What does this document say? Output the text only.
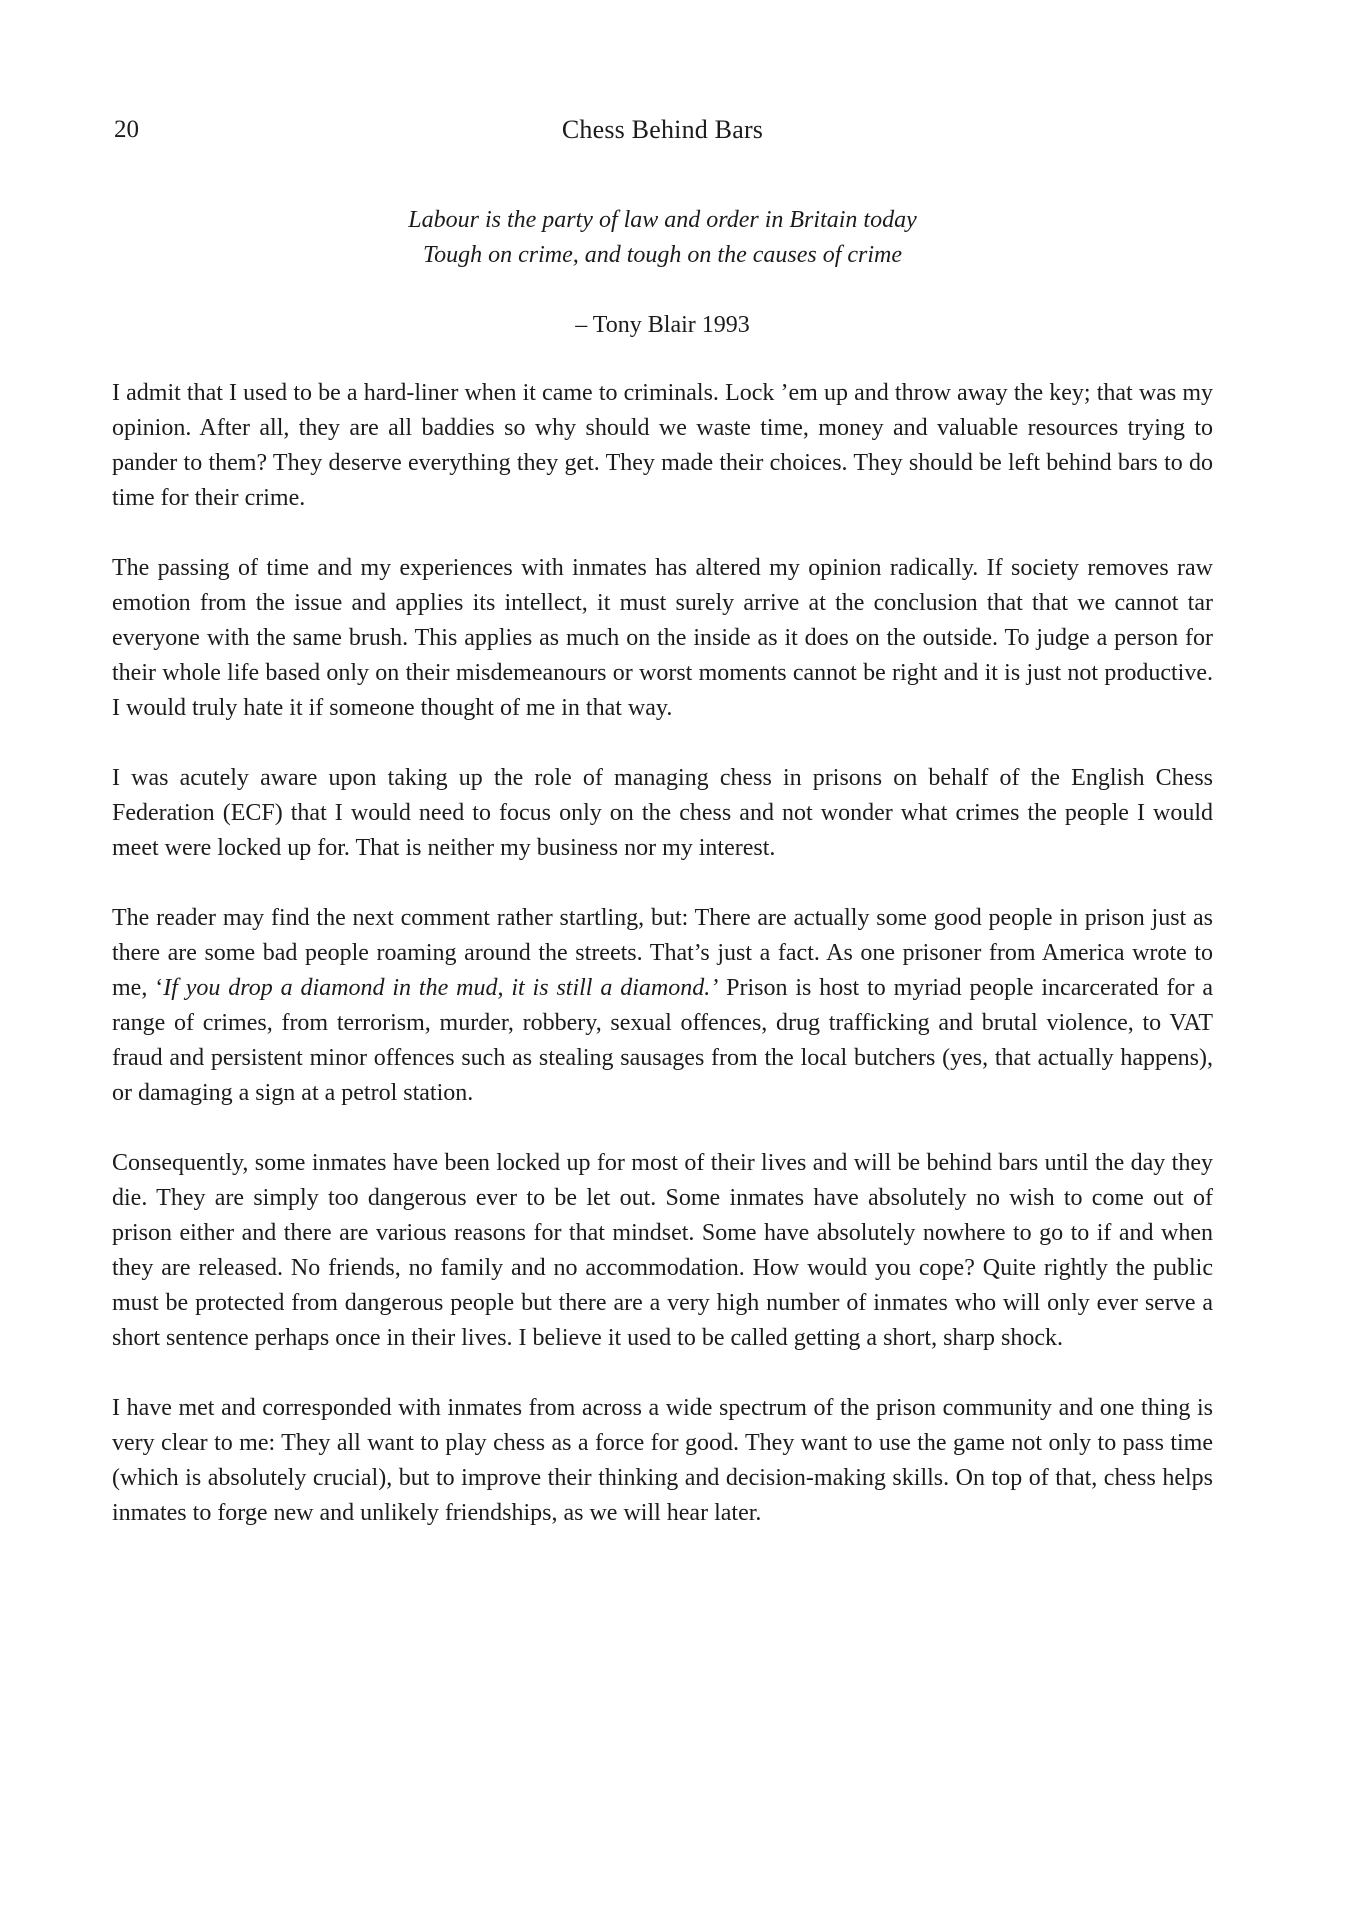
20	Chess Behind Bars
Labour is the party of law and order in Britain today
Tough on crime, and tough on the causes of crime
– Tony Blair 1993

I admit that I used to be a hard-liner when it came to criminals. Lock ’em up and throw away the key; that was my opinion. After all, they are all baddies so why should we waste time, money and valuable resources trying to pander to them? They deserve everything they get. They made their choices. They should be left behind bars to do time for their crime.

The passing of time and my experiences with inmates has altered my opinion radically. If society removes raw emotion from the issue and applies its intellect, it must surely arrive at the conclusion that that we cannot tar everyone with the same brush. This applies as much on the inside as it does on the outside. To judge a person for their whole life based only on their misdemeanours or worst moments cannot be right and it is just not productive. I would truly hate it if someone thought of me in that way.

I was acutely aware upon taking up the role of managing chess in prisons on behalf of the English Chess Federation (ECF) that I would need to focus only on the chess and not wonder what crimes the people I would meet were locked up for. That is neither my business nor my interest.

The reader may find the next comment rather startling, but: There are actually some good people in prison just as there are some bad people roaming around the streets. That’s just a fact. As one prisoner from America wrote to me, ‘If you drop a diamond in the mud, it is still a diamond.’ Prison is host to myriad people incarcerated for a range of crimes, from terrorism, murder, robbery, sexual offences, drug trafficking and brutal violence, to VAT fraud and persistent minor offences such as stealing sausages from the local butchers (yes, that actually happens), or damaging a sign at a petrol station.

Consequently, some inmates have been locked up for most of their lives and will be behind bars until the day they die. They are simply too dangerous ever to be let out. Some inmates have absolutely no wish to come out of prison either and there are various reasons for that mindset. Some have absolutely nowhere to go to if and when they are released. No friends, no family and no accommodation. How would you cope? Quite rightly the public must be protected from dangerous people but there are a very high number of inmates who will only ever serve a short sentence perhaps once in their lives. I believe it used to be called getting a short, sharp shock.

I have met and corresponded with inmates from across a wide spectrum of the prison community and one thing is very clear to me: They all want to play chess as a force for good. They want to use the game not only to pass time (which is absolutely crucial), but to improve their thinking and decision-making skills. On top of that, chess helps inmates to forge new and unlikely friendships, as we will hear later.
